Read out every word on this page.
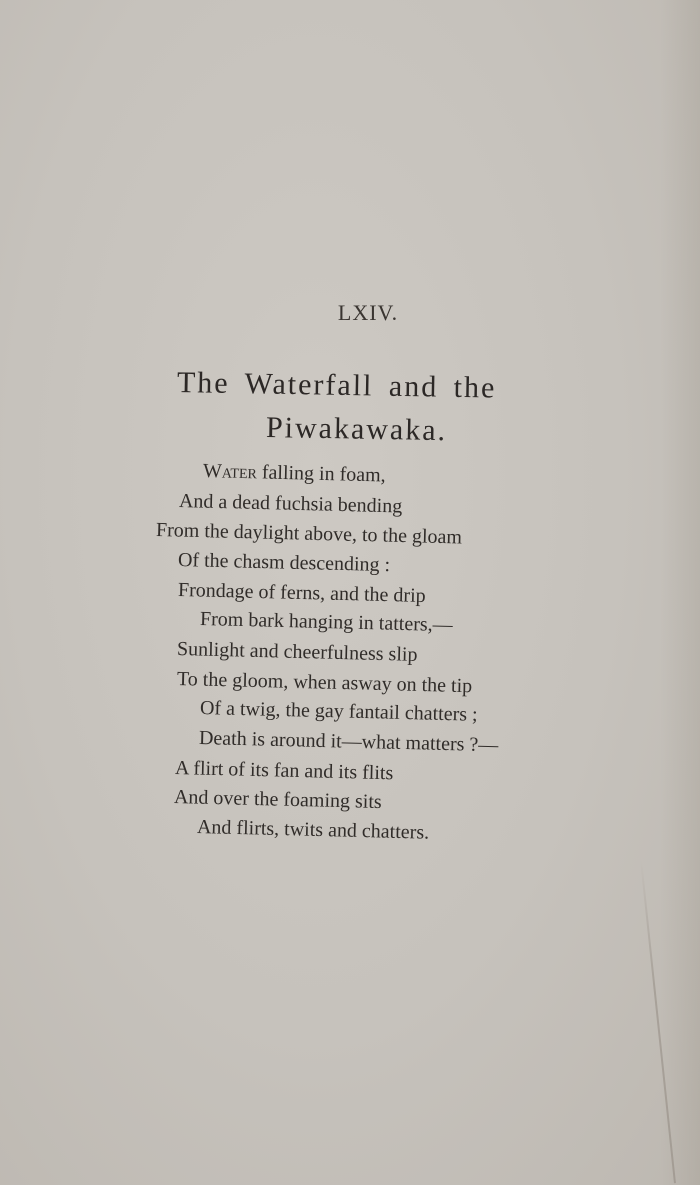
LXIV.
The Waterfall and the
Piwakawaka.
Water falling in foam,
And a dead fuchsia bending
From the daylight above, to the gloam
Of the chasm descending :
Frondage of ferns, and the drip
From bark hanging in tatters,—
Sunlight and cheerfulness slip
To the gloom, when asway on the tip
Of a twig, the gay fantail chatters ;
Death is around it—what matters ?—
A flirt of its fan and its flits
And over the foaming sits
And flirts, twits and chatters.
